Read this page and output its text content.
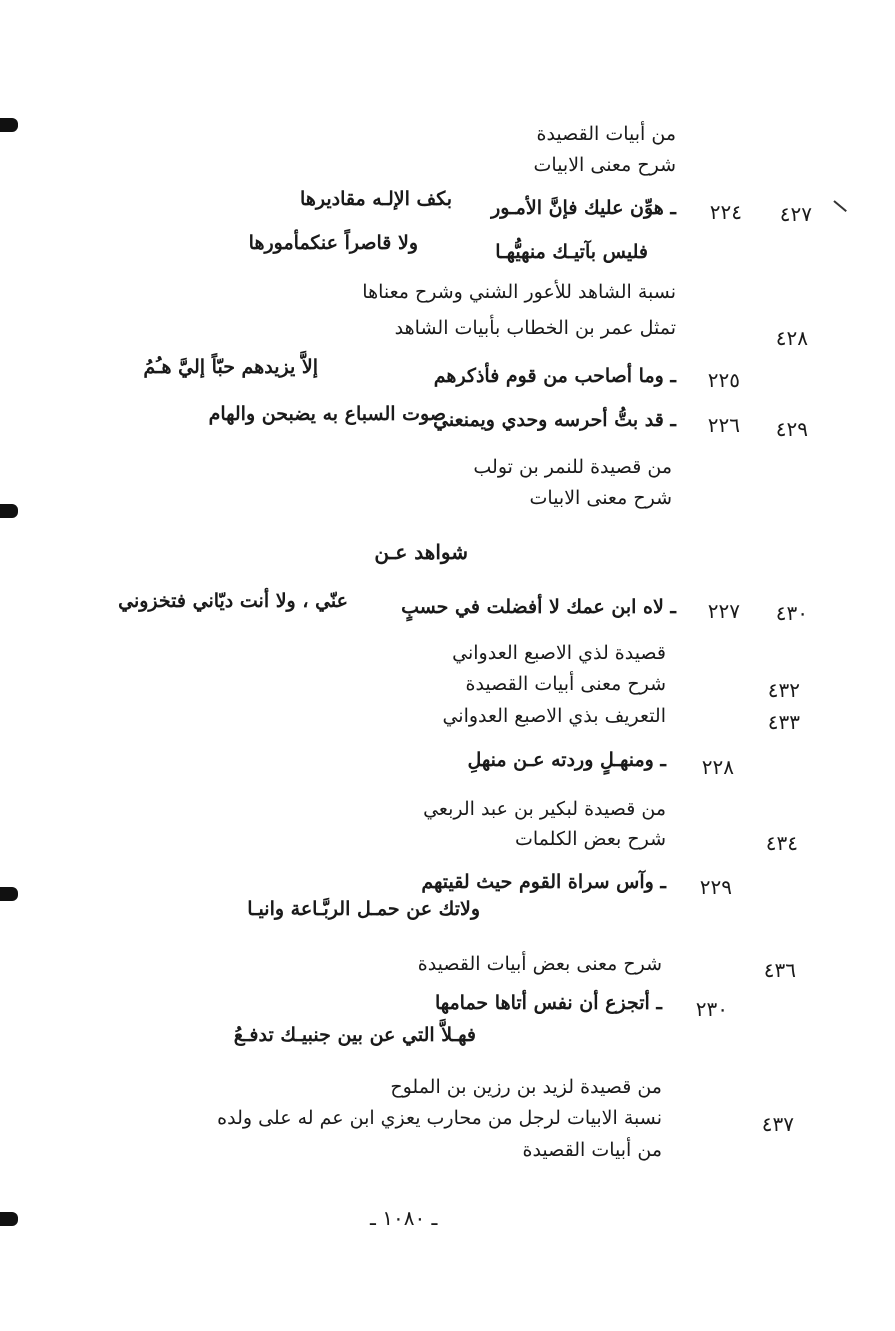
من أبيات القصيدة
شرح معنى الابيات
٤٢٧
٢٢٤
ـ هوِّن عليك فإنَّ الأمـور
بكف الإلـه مقاديرها
فليس بآتيـك منهيُّهـا
ولا قاصراً عنكمأمورها
نسبة الشاهد للأعور الشني وشرح معناها
٤٢٨
تمثل عمر بن الخطاب بأبيات الشاهد
٢٢٥
ـ وما أصاحب من قوم فأذكرهم
إلاَّ يزيدهم حبّاً إليَّ هـُمُ
٤٢٩
٢٢٦
ـ قد بتُّ أحرسه وحدي ويمنعني
صوت السباع به يضبحن والهام
من قصيدة للنمر بن تولب
شرح معنى الابيات
شواهد عـن
٤٣٠
٢٢٧
ـ لاه ابن عمك لا أفضلت في حسبٍ
عنّي ، ولا أنت ديّاني فتخزوني
قصيدة لذي الاصبع العدواني
٤٣٢
شرح معنى أبيات القصيدة
٤٣٣
التعريف بذي الاصبع العدواني
٢٢٨
ـ ومنهـلٍ وردته عـن منهلِ
من قصيدة لبكير بن عبد الربعي
٤٣٤
شرح بعض الكلمات
٢٢٩
ـ وآس سراة القوم حيث لقيتهم
ولاتك عن حمـل الربَّـاعة وانيـا
٤٣٦
شرح معنى بعض أبيات القصيدة
٢٣٠
ـ أتجزع أن نفس أتاها حمامها
فهـلاَّ التي عن بين جنبيـك تدفـعُ
من قصيدة لزيد بن رزين بن الملوح
٤٣٧
نسبة الابيات لرجل من محارب يعزي ابن عم له على ولده
من أبيات القصيدة
ـ ١٠٨٠ ـ
